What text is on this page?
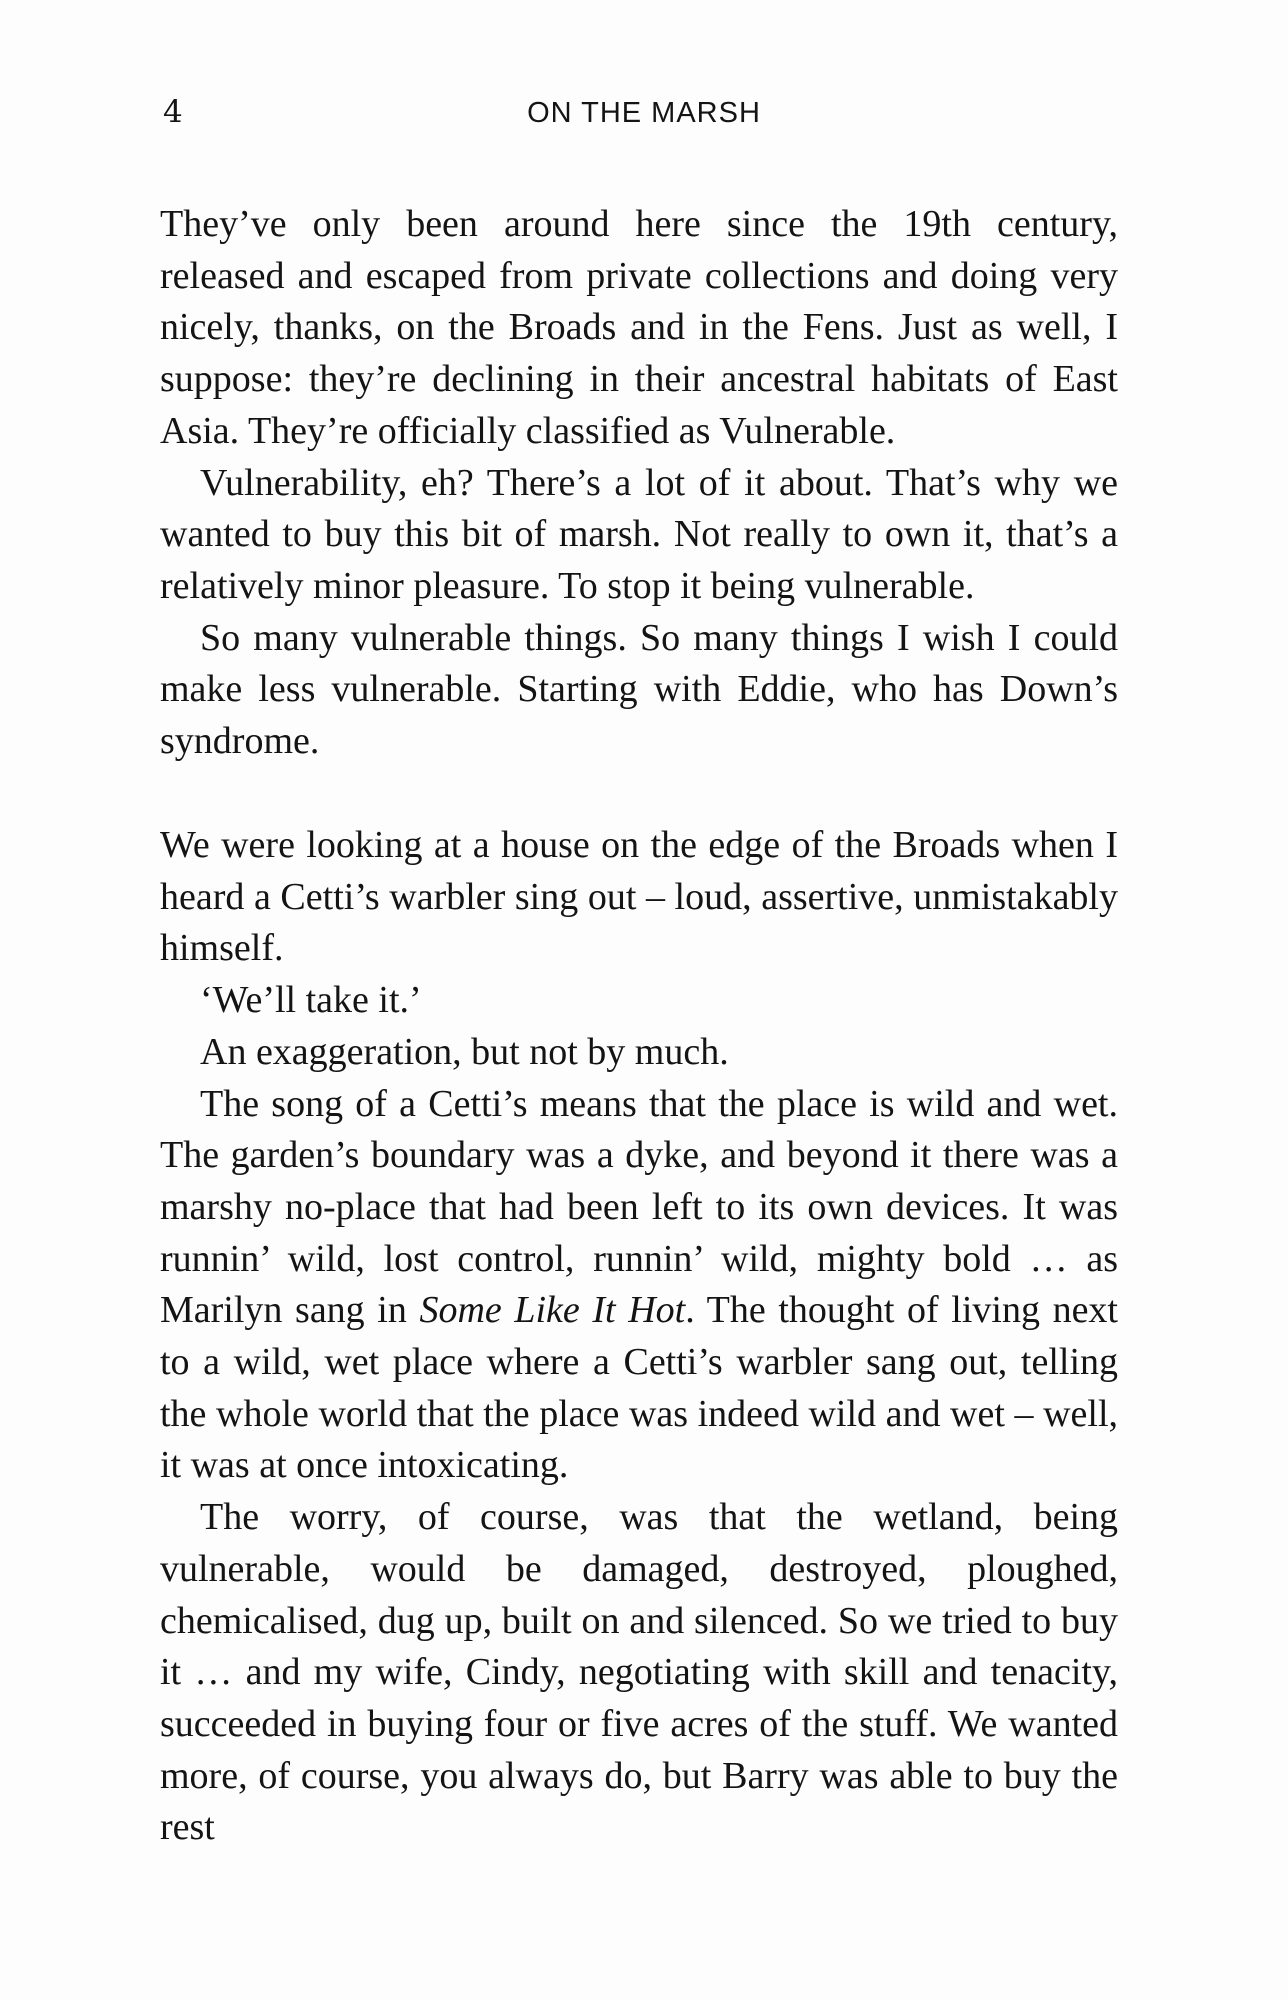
4	ON THE MARSH

They’ve only been around here since the 19th century, released and escaped from private collections and doing very nicely, thanks, on the Broads and in the Fens. Just as well, I suppose: they’re declining in their ancestral habitats of East Asia. They’re officially classified as Vulnerable.

Vulnerability, eh? There’s a lot of it about. That’s why we wanted to buy this bit of marsh. Not really to own it, that’s a relatively minor pleasure. To stop it being vulnerable.

So many vulnerable things. So many things I wish I could make less vulnerable. Starting with Eddie, who has Down’s syndrome.

We were looking at a house on the edge of the Broads when I heard a Cetti’s warbler sing out – loud, assertive, unmistakably himself.

‘We’ll take it.’

An exaggeration, but not by much.

The song of a Cetti’s means that the place is wild and wet. The garden’s boundary was a dyke, and beyond it there was a marshy no-place that had been left to its own devices. It was runnin’ wild, lost control, runnin’ wild, mighty bold … as Marilyn sang in Some Like It Hot. The thought of living next to a wild, wet place where a Cetti’s warbler sang out, telling the whole world that the place was indeed wild and wet – well, it was at once intoxicating.

The worry, of course, was that the wetland, being vulnerable, would be damaged, destroyed, ploughed, chemicalised, dug up, built on and silenced. So we tried to buy it … and my wife, Cindy, negotiating with skill and tenacity, succeeded in buying four or five acres of the stuff. We wanted more, of course, you always do, but Barry was able to buy the rest
